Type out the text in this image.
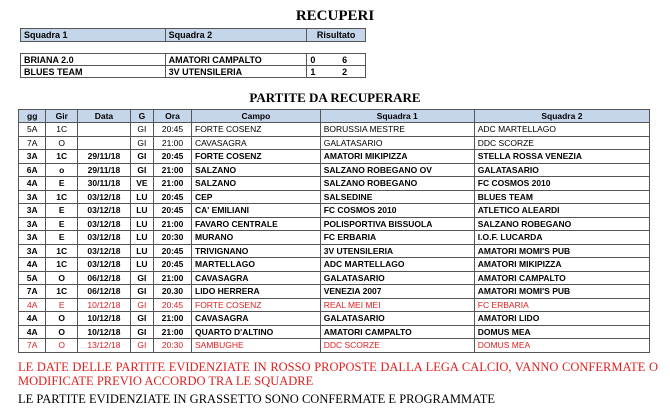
RECUPERI
Squadra 1	Squadra 2	Risultato	

BRIANA 2.0	AMATORI CAMPALTO	0	6
BLUES TEAM	3V UTENSILERIA	1	2
PARTITE DA RECUPERARE
gg	Gir	Data	G	Ora	Campo	Squadra 1	Squadra 2
5A	1C		GI	20:45	FORTE COSENZ	BORUSSIA MESTRE	ADC MARTELLAGO
7A	O		GI	21:00	CAVASAGRA	GALATASARIO	DDC SCORZE
3A	1C	29/11/18	GI	20:45	FORTE COSENZ	AMATORI MIKIPIZZA	STELLA ROSSA VENEZIA
6A	o	29/11/18	GI	21:00	SALZANO	SALZANO ROBEGANO OV	GALATASARIO
4A	E	30/11/18	VE	21:00	SALZANO	SALZANO ROBEGANO	FC COSMOS 2010
3A	1C	03/12/18	LU	20:45	CEP	SALSEDINE	BLUES TEAM
3A	E	03/12/18	LU	20:45	CA' EMILIANI	FC COSMOS 2010	ATLETICO ALEARDI
3A	E	03/12/18	LU	21:00	FAVARO CENTRALE	POLISPORTIVA BISSUOLA	SALZANO ROBEGANO
3A	E	03/12/18	LU	20:30	MURANO	FC ERBARIA	I.O.F. LUCARDA
3A	1C	03/12/18	LU	20:45	TRIVIGNANO	3V UTENSILERIA	AMATORI MOMI'S PUB
4A	1C	03/12/18	LU	20:45	MARTELLAGO	ADC MARTELLAGO	AMATORI MIKIPIZZA
5A	O	06/12/18	GI	21:00	CAVASAGRA	GALATASARIO	AMATORI CAMPALTO
7A	1C	06/12/18	GI	20.30	LIDO HERRERA	VENEZIA 2007	AMATORI MOMI'S PUB
4A	E	10/12/18	GI	20:45	FORTE COSENZ	REAL MEI MEI	FC ERBARIA
4A	O	10/12/18	GI	21:00	CAVASAGRA	GALATASARIO	AMATORI LIDO
4A	O	10/12/18	GI	21:00	QUARTO D'ALTINO	AMATORI CAMPALTO	DOMUS MEA
7A	O	13/12/18	GI	20:30	SAMBUGHE	DDC SCORZE	DOMUS MEA
LE DATE DELLE PARTITE EVIDENZIATE IN ROSSO PROPOSTE DALLA LEGA CALCIO, VANNO CONFERMATE O MODIFICATE PREVIO ACCORDO TRA LE SQUADRE
LE PARTITE EVIDENZIATE IN GRASSETTO SONO CONFERMATE E PROGRAMMATE
